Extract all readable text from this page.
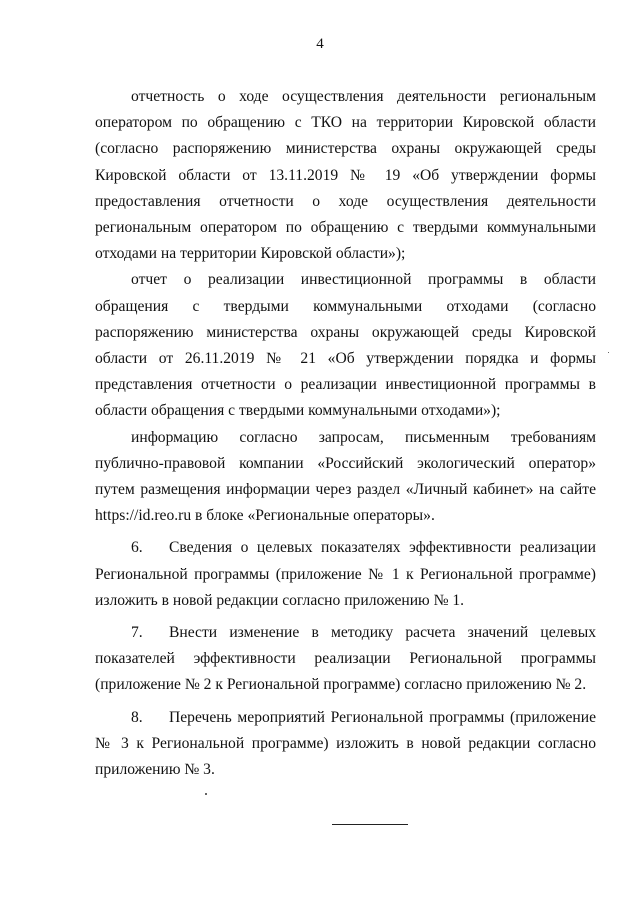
4

отчетность о ходе осуществления деятельности региональным оператором по обращению с ТКО на территории Кировской области (согласно распоряжению министерства охраны окружающей среды Кировской области от 13.11.2019 № 19 «Об утверждении формы предоставления отчетности о ходе осуществления деятельности региональным оператором по обращению с твердыми коммунальными отходами на территории Кировской области»);

отчет о реализации инвестиционной программы в области обращения с твердыми коммунальными отходами (согласно распоряжению министерства охраны окружающей среды Кировской области от 26.11.2019 № 21 «Об утверждении порядка и формы представления отчетности о реализации инвестиционной программы в области обращения с твердыми коммунальными отходами»);

информацию согласно запросам, письменным требованиям публично-правовой компании «Российский экологический оператор» путем размещения информации через раздел «Личный кабинет» на сайте https://id.reo.ru в блоке «Региональные операторы».

6. Сведения о целевых показателях эффективности реализации Региональной программы (приложение № 1 к Региональной программе) изложить в новой редакции согласно приложению № 1.

7. Внести изменение в методику расчета значений целевых показателей эффективности реализации Региональной программы (приложение № 2 к Региональной программе) согласно приложению № 2.

8. Перечень мероприятий Региональной программы (приложение № 3 к Региональной программе) изложить в новой редакции согласно приложению № 3.
